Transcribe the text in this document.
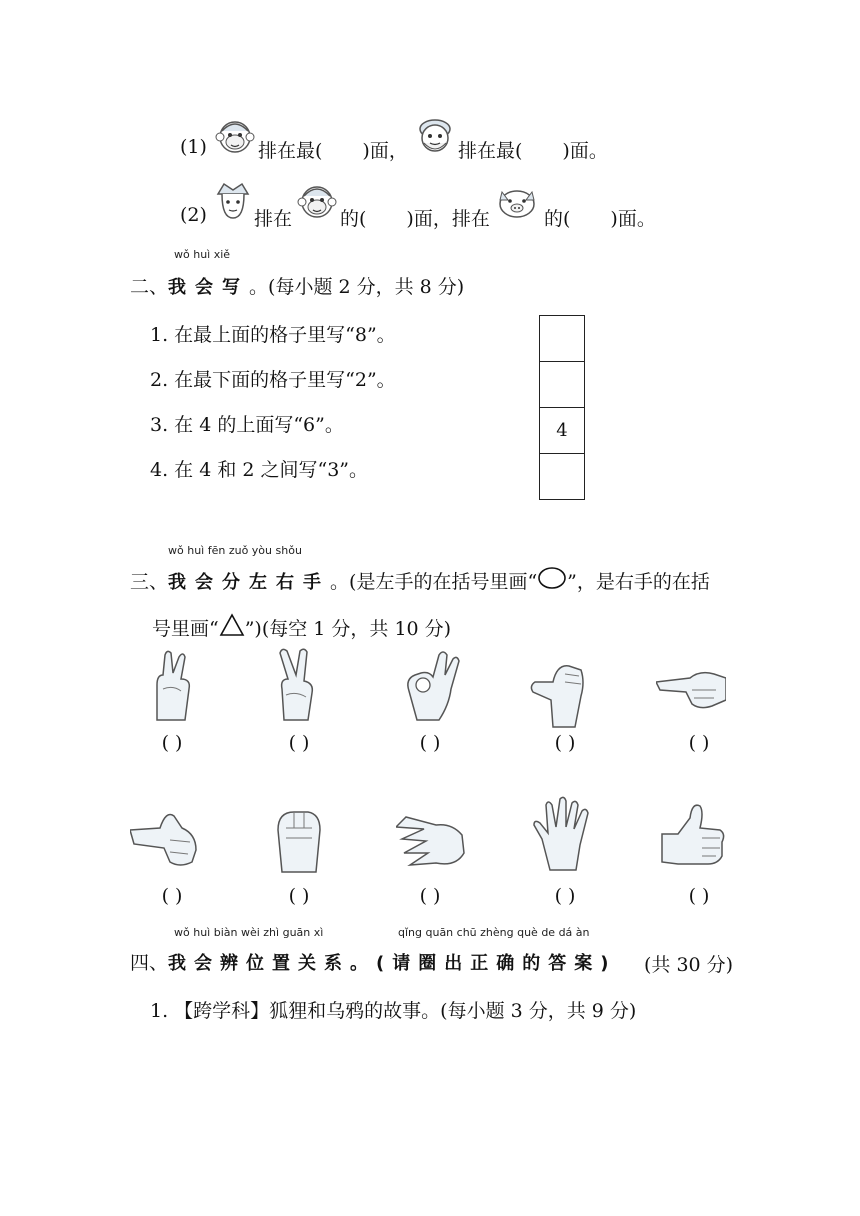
(1)	排在最( )面，	排在最( )面。
(2) 排在	的( )面，排在	的( )面。
wǒ huì xiě
二、我会写。(每小题 2 分，共 8 分)
1. 在最上面的格子里写“8”。
2. 在最下面的格子里写“2”。
3. 在 4 的上面写“6”。
4. 在 4 和 2 之间写“3”。
4
wǒ huì fēn zuǒ yòu shǒu
三、我会分左右手。(是左手的在括号里画“ ”，是右手的在括
号里画“ ”)(每空 1 分，共 10 分)
( )	( )	( )	( )	( )
( )	( )	( )	( )	( )
wǒ huì biàn wèi zhì guān xì	qǐng quān chū zhèng què de dá àn
四、我会辨位置关系。(请圈出正确的答案) (共 30 分)
1. 【跨学科】狐狸和乌鸦的故事。(每小题 3 分，共 9 分)
